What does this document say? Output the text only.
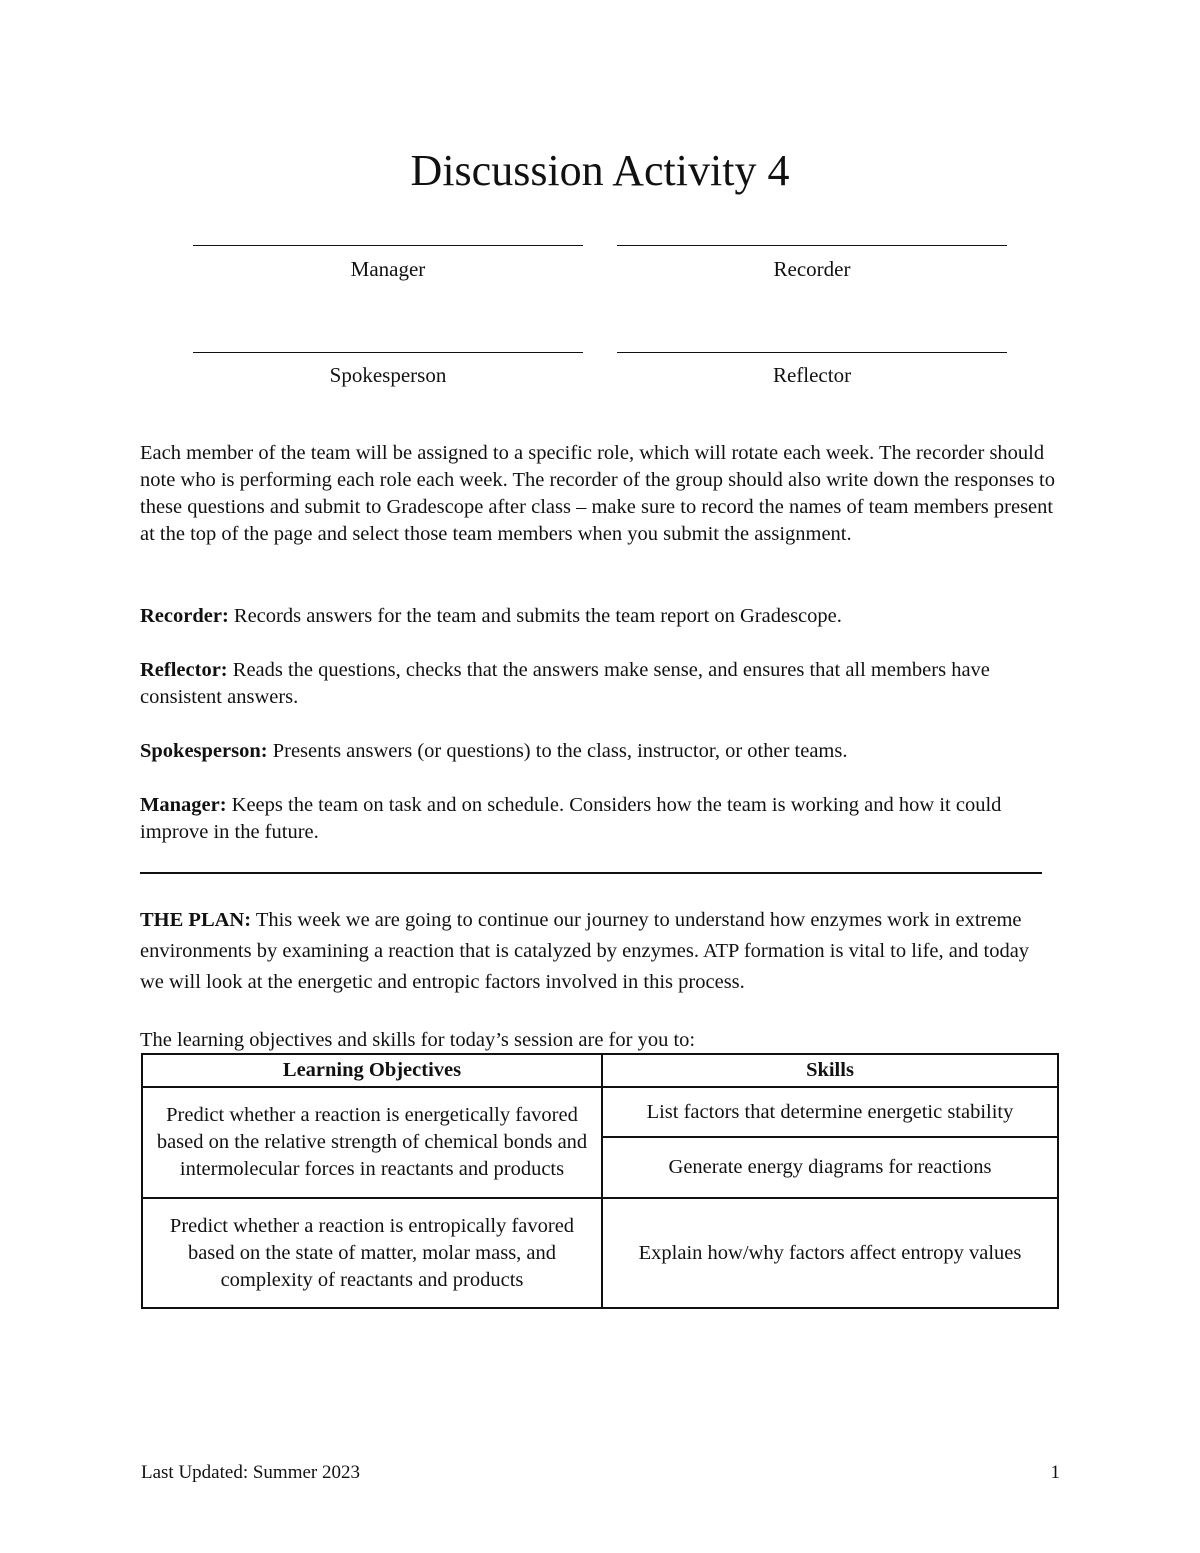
Discussion Activity 4
Manager	Recorder
Spokesperson	Reflector
Each member of the team will be assigned to a specific role, which will rotate each week. The recorder should note who is performing each role each week. The recorder of the group should also write down the responses to these questions and submit to Gradescope after class – make sure to record the names of team members present at the top of the page and select those team members when you submit the assignment.
Recorder: Records answers for the team and submits the team report on Gradescope.
Reflector: Reads the questions, checks that the answers make sense, and ensures that all members have consistent answers.
Spokesperson: Presents answers (or questions) to the class, instructor, or other teams.
Manager: Keeps the team on task and on schedule. Considers how the team is working and how it could improve in the future.
THE PLAN: This week we are going to continue our journey to understand how enzymes work in extreme environments by examining a reaction that is catalyzed by enzymes. ATP formation is vital to life, and today we will look at the energetic and entropic factors involved in this process.
The learning objectives and skills for today’s session are for you to:
Learning Objectives	Skills
Predict whether a reaction is energetically favored based on the relative strength of chemical bonds and intermolecular forces in reactants and products	List factors that determine energetic stability
	Generate energy diagrams for reactions
Predict whether a reaction is entropically favored based on the state of matter, molar mass, and complexity of reactants and products	Explain how/why factors affect entropy values
Last Updated: Summer 2023	1
